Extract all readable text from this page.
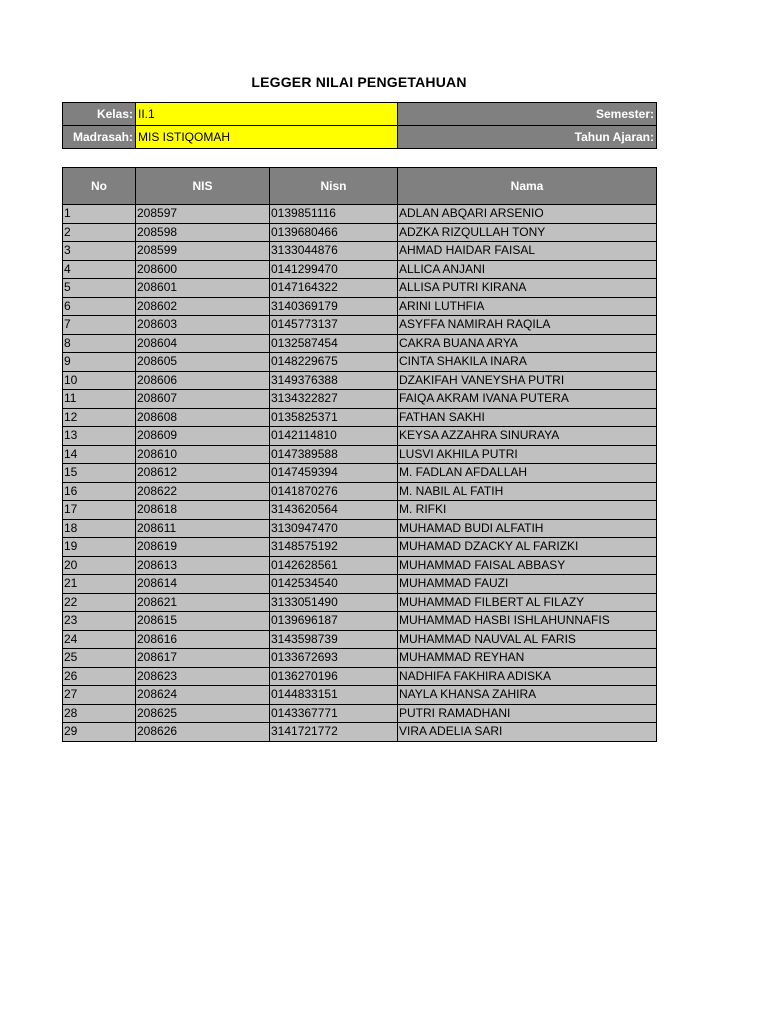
LEGGER NILAI PENGETAHUAN
Kelas:	II.1	Semester:
Madrasah:	MIS ISTIQOMAH	Tahun Ajaran:
No	NIS	Nisn	Nama
1	208597	0139851116	ADLAN ABQARI ARSENIO
2	208598	0139680466	ADZKA RIZQULLAH TONY
3	208599	3133044876	AHMAD HAIDAR FAISAL
4	208600	0141299470	ALLICA ANJANI
5	208601	0147164322	ALLISA PUTRI KIRANA
6	208602	3140369179	ARINI LUTHFIA
7	208603	0145773137	ASYFFA NAMIRAH RAQILA
8	208604	0132587454	CAKRA BUANA ARYA
9	208605	0148229675	CINTA SHAKILA INARA
10	208606	3149376388	DZAKIFAH VANEYSHA PUTRI
11	208607	3134322827	FAIQA AKRAM IVANA PUTERA
12	208608	0135825371	FATHAN SAKHI
13	208609	0142114810	KEYSA AZZAHRA SINURAYA
14	208610	0147389588	LUSVI AKHILA PUTRI
15	208612	0147459394	M. FADLAN AFDALLAH
16	208622	0141870276	M. NABIL AL FATIH
17	208618	3143620564	M. RIFKI
18	208611	3130947470	MUHAMAD BUDI ALFATIH
19	208619	3148575192	MUHAMAD DZACKY AL FARIZKI
20	208613	0142628561	MUHAMMAD FAISAL ABBASY
21	208614	0142534540	MUHAMMAD FAUZI
22	208621	3133051490	MUHAMMAD FILBERT AL FILAZY
23	208615	0139696187	MUHAMMAD HASBI ISHLAHUNNAFIS
24	208616	3143598739	MUHAMMAD NAUVAL AL FARIS
25	208617	0133672693	MUHAMMAD REYHAN
26	208623	0136270196	NADHIFA FAKHIRA ADISKA
27	208624	0144833151	NAYLA KHANSA ZAHIRA
28	208625	0143367771	PUTRI RAMADHANI
29	208626	3141721772	VIRA ADELIA SARI
